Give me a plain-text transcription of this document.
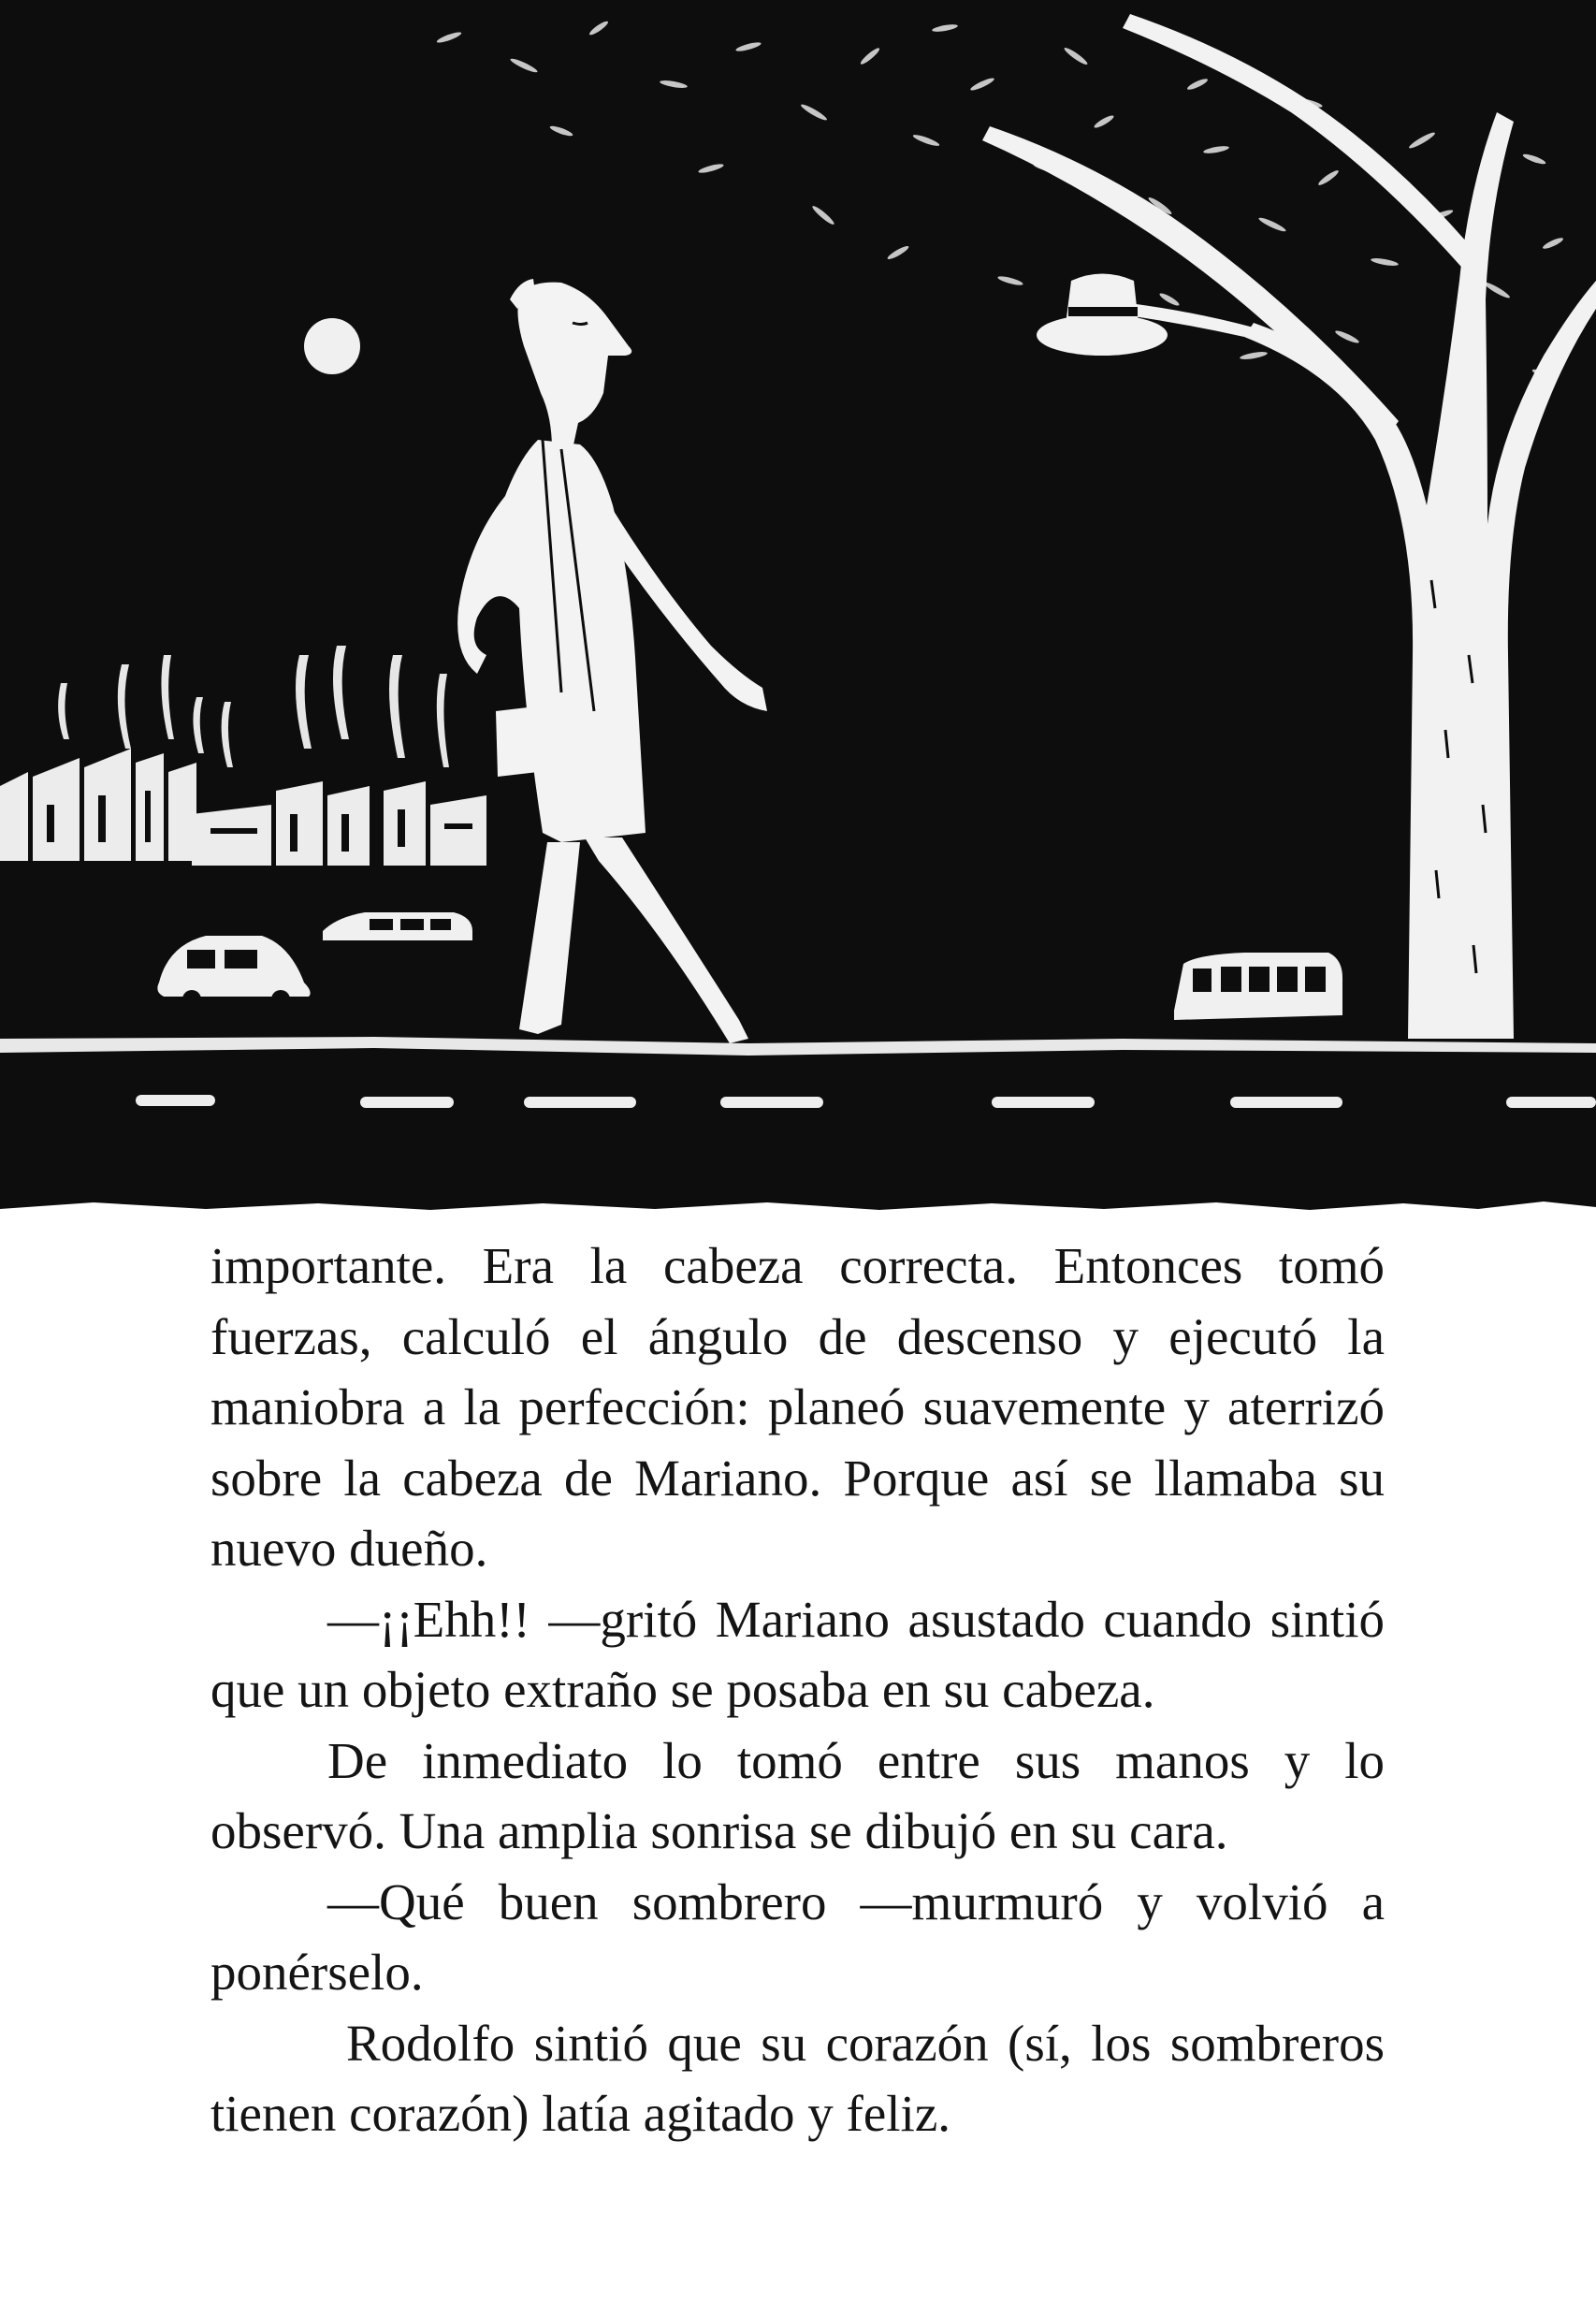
importante. Era la cabeza correcta. Entonces tomó fuerzas, calculó el ángulo de descenso y ejecutó la maniobra a la perfección: planeó suavemente y aterrizó sobre la cabeza de Mariano. Porque así se llamaba su nuevo dueño.

—¡¡Ehh!! —gritó Mariano asustado cuando sintió que un objeto extraño se posaba en su cabeza.

De inmediato lo tomó entre sus manos y lo observó. Una amplia sonrisa se dibujó en su cara.

—Qué buen sombrero —murmuró y volvió a ponérselo.

Rodolfo sintió que su corazón (sí, los sombreros tienen corazón) latía agitado y feliz.
